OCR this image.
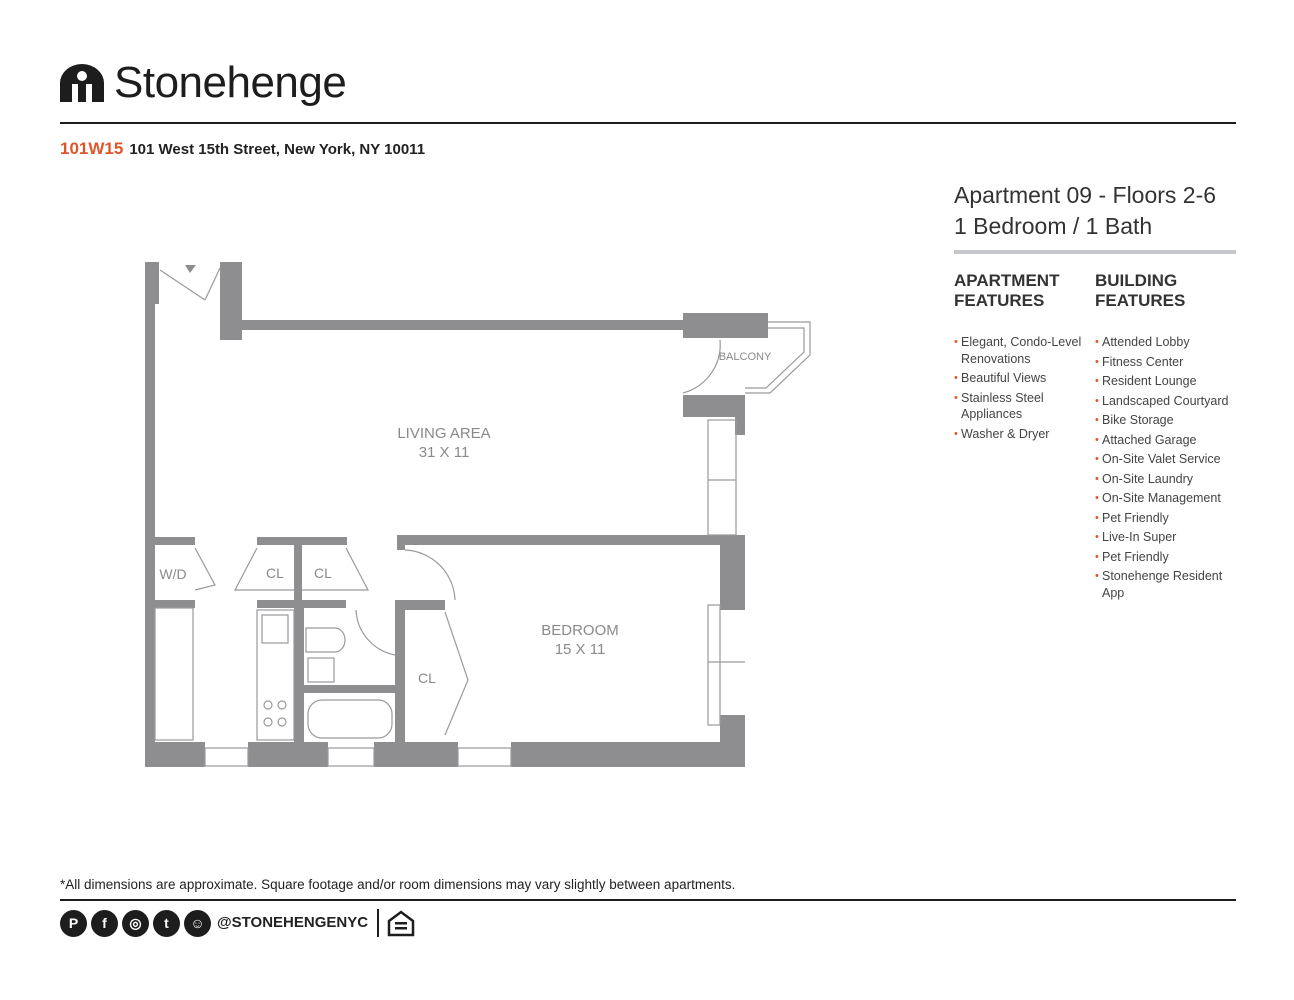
Stonehenge
101W15 101 West 15th Street, New York, NY 10011
Apartment 09 - Floors 2-6
1 Bedroom / 1 Bath
APARTMENT
FEATURES
BUILDING
FEATURES
• Elegant, Condo-Level Renovations
• Beautiful Views
• Stainless Steel Appliances
• Washer & Dryer
• Attended Lobby
• Fitness Center
• Resident Lounge
• Landscaped Courtyard
• Bike Storage
• Attached Garage
• On-Site Valet Service
• On-Site Laundry
• On-Site Management
• Pet Friendly
• Live-In Super
• Pet Friendly
• Stonehenge Resident App
LIVING AREA
31 X 11
BEDROOM
15 X 11
BALCONY
W/D	CL CL
CL
*All dimensions are approximate. Square footage and/or room dimensions may vary slightly between apartments.
P	f	◎	t	☺ @STONEHENGENYC
